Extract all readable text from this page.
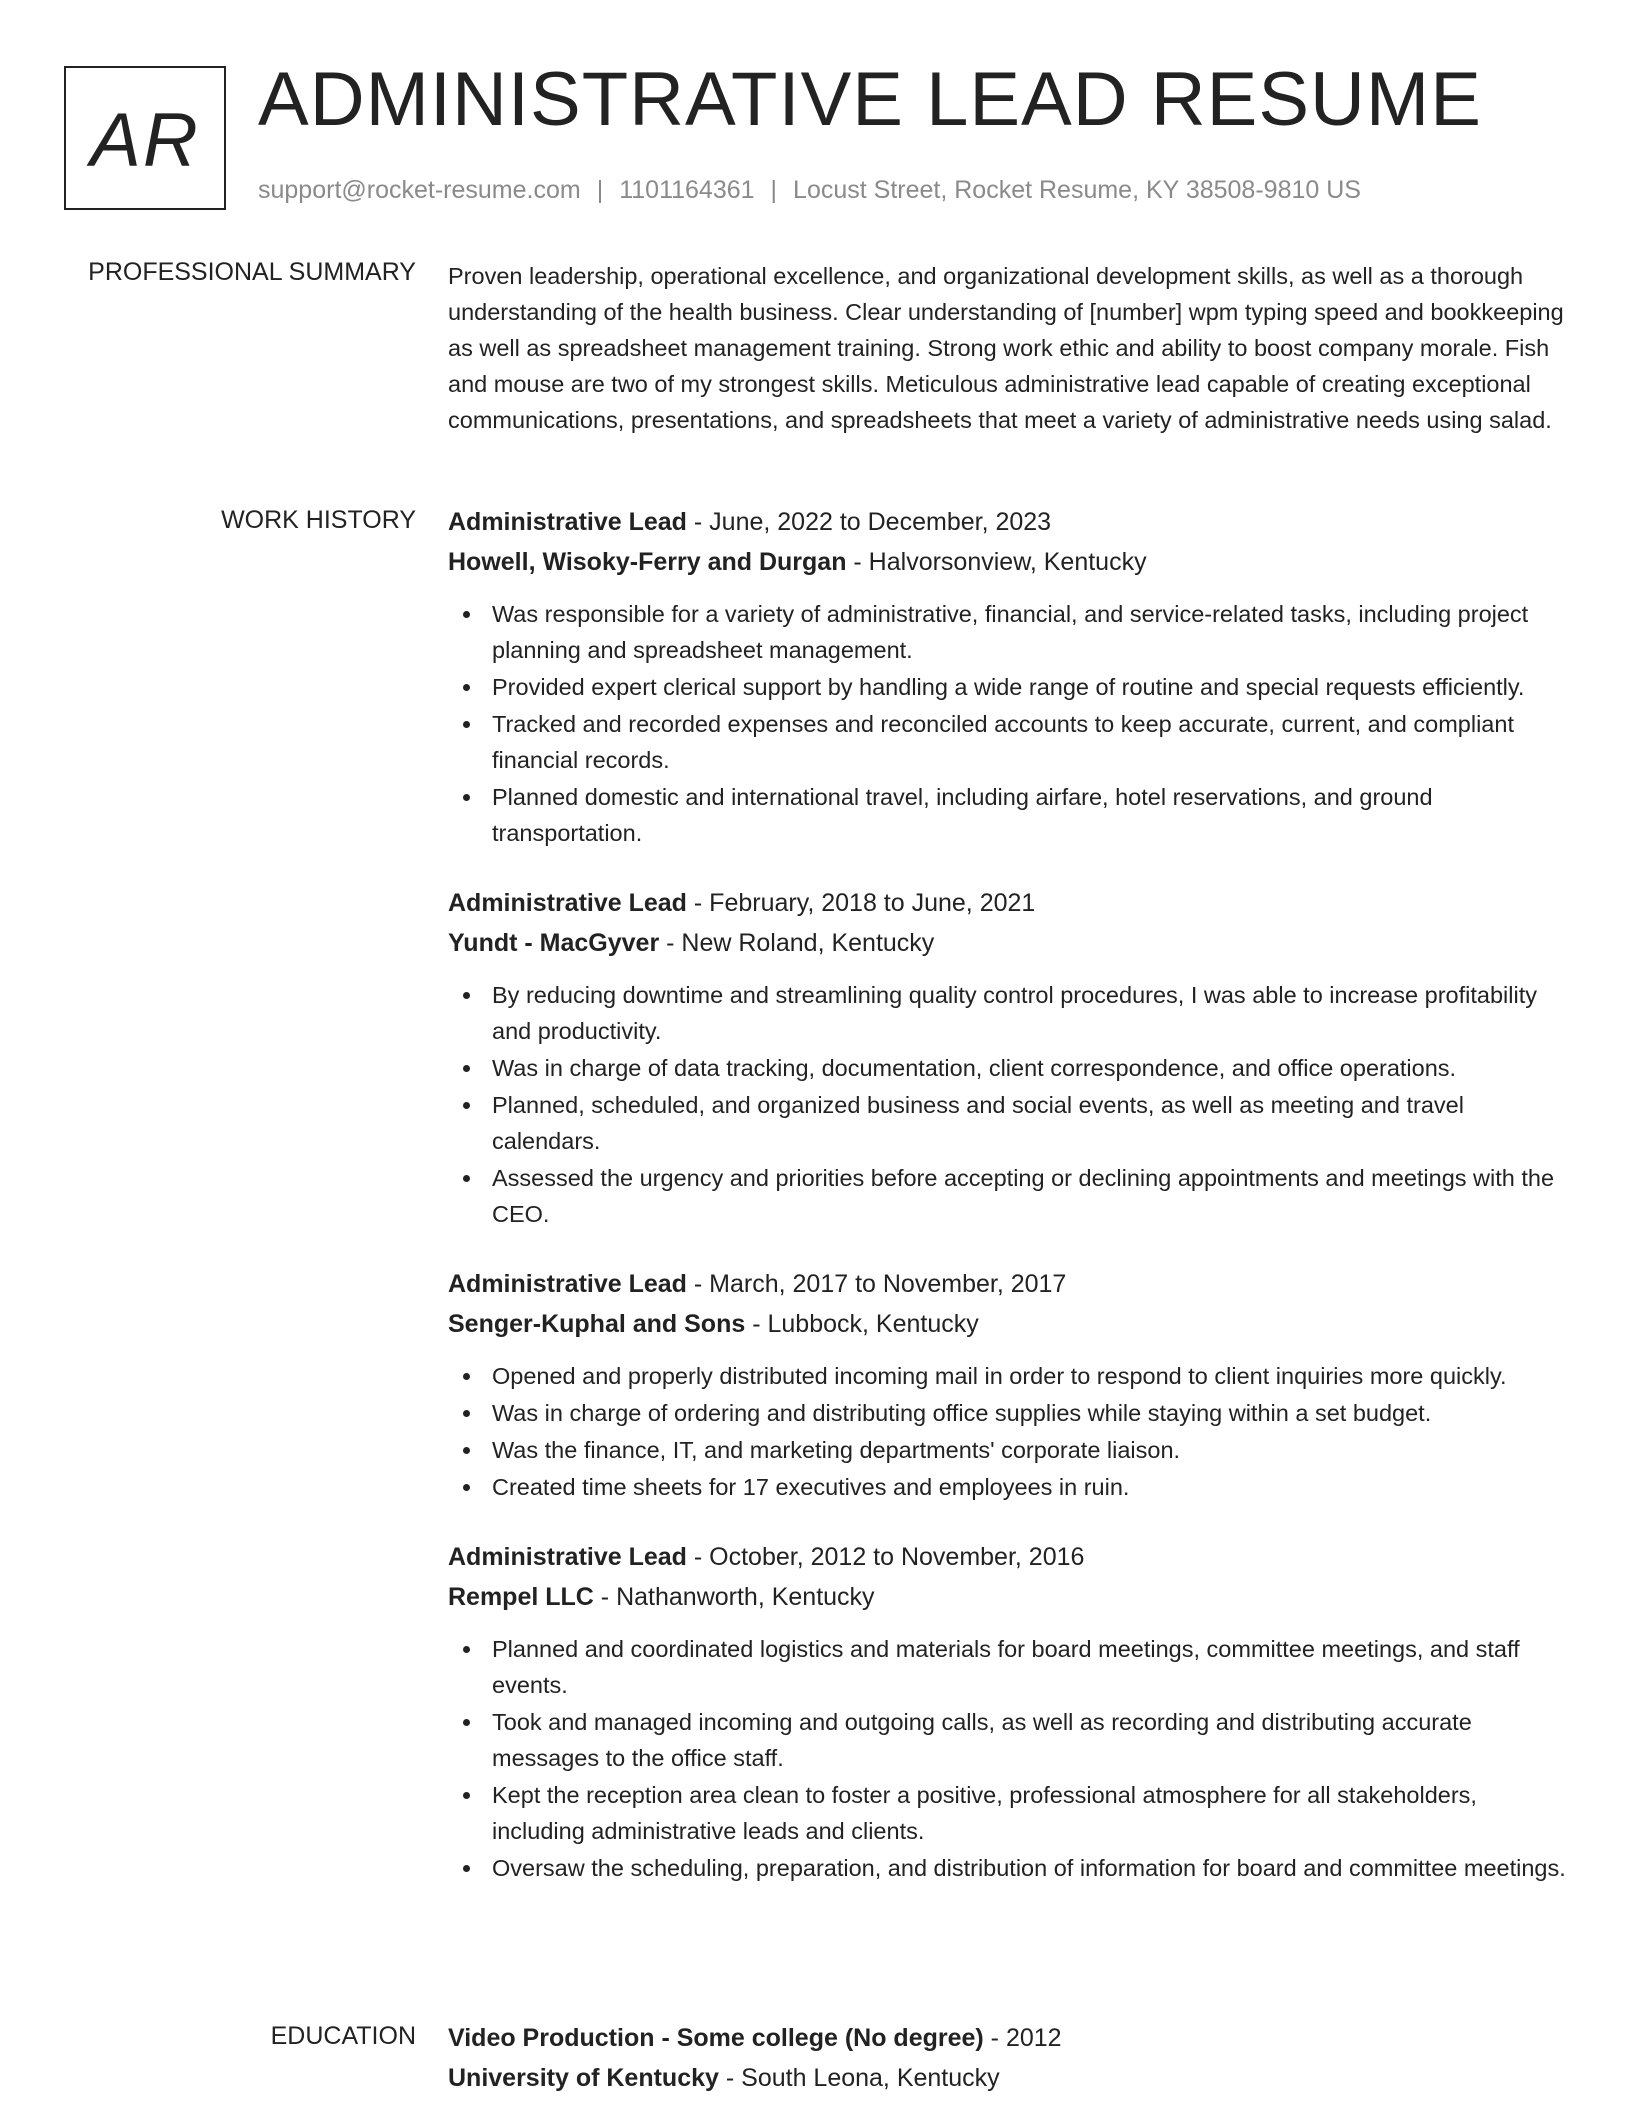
AR ADMINISTRATIVE LEAD RESUME
support@rocket-resume.com | 1101164361 | Locust Street, Rocket Resume, KY 38508-9810 US
PROFESSIONAL SUMMARY Proven leadership, operational excellence, and organizational development skills, as well as a thorough understanding of the health business. Clear understanding of [number] wpm typing speed and bookkeeping as well as spreadsheet management training. Strong work ethic and ability to boost company morale. Fish and mouse are two of my strongest skills. Meticulous administrative lead capable of creating exceptional communications, presentations, and spreadsheets that meet a variety of administrative needs using salad.
WORK HISTORY Administrative Lead - June, 2022 to December, 2023
Howell, Wisoky-Ferry and Durgan - Halvorsonview, Kentucky
Was responsible for a variety of administrative, financial, and service-related tasks, including project planning and spreadsheet management.
Provided expert clerical support by handling a wide range of routine and special requests efficiently.
Tracked and recorded expenses and reconciled accounts to keep accurate, current, and compliant financial records.
Planned domestic and international travel, including airfare, hotel reservations, and ground transportation.
Administrative Lead - February, 2018 to June, 2021
Yundt - MacGyver - New Roland, Kentucky
By reducing downtime and streamlining quality control procedures, I was able to increase profitability and productivity.
Was in charge of data tracking, documentation, client correspondence, and office operations.
Planned, scheduled, and organized business and social events, as well as meeting and travel calendars.
Assessed the urgency and priorities before accepting or declining appointments and meetings with the CEO.
Administrative Lead - March, 2017 to November, 2017
Senger-Kuphal and Sons - Lubbock, Kentucky
Opened and properly distributed incoming mail in order to respond to client inquiries more quickly.
Was in charge of ordering and distributing office supplies while staying within a set budget.
Was the finance, IT, and marketing departments' corporate liaison.
Created time sheets for 17 executives and employees in ruin.
Administrative Lead - October, 2012 to November, 2016
Rempel LLC - Nathanworth, Kentucky
Planned and coordinated logistics and materials for board meetings, committee meetings, and staff events.
Took and managed incoming and outgoing calls, as well as recording and distributing accurate messages to the office staff.
Kept the reception area clean to foster a positive, professional atmosphere for all stakeholders, including administrative leads and clients.
Oversaw the scheduling, preparation, and distribution of information for board and committee meetings.
EDUCATION Video Production - Some college (No degree) - 2012
University of Kentucky - South Leona, Kentucky
